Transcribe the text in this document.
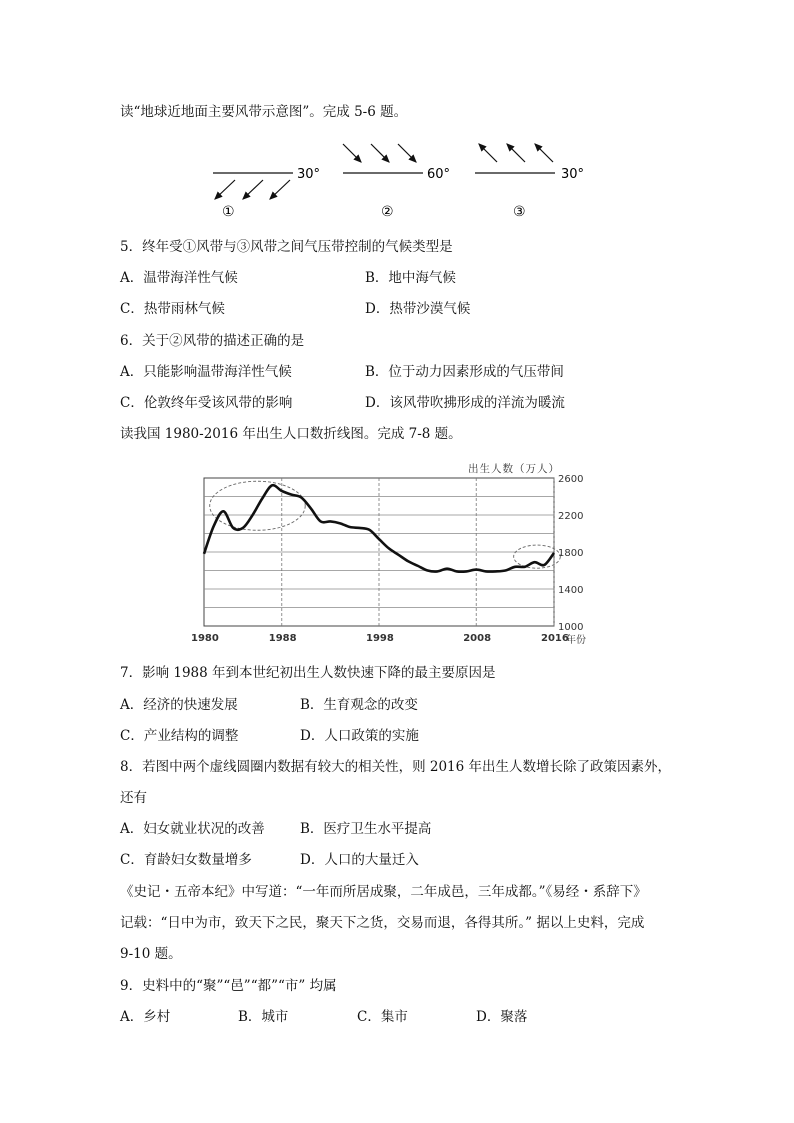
读“地球近地面主要风带示意图”。完成 5-6 题。
30°
①
60°
②
30°
③
5．终年受①风带与③风带之间气压带控制的气候类型是
A．温带海洋性气候	B．地中海气候
C．热带雨林气候	D．热带沙漠气候
6．关于②风带的描述正确的是
A．只能影响温带海洋性气候	B．位于动力因素形成的气压带间
C．伦敦终年受该风带的影响	D．该风带吹拂形成的洋流为暖流
读我国 1980-2016 年出生人口数折线图。完成 7-8 题。
出生人数（万人）
1000
1400
1800
2200
2600
1980	1988	1998	2008	2016
年份
7．影响 1988 年到本世纪初出生人数快速下降的最主要原因是
A．经济的快速发展	B．生育观念的改变
C．产业结构的调整	D．人口政策的实施
8．若图中两个虚线圆圈内数据有较大的相关性，则 2016 年出生人数增长除了政策因素外，
还有
A．妇女就业状况的改善	B．医疗卫生水平提高
C．育龄妇女数量增多	D．人口的大量迁入
《史记・五帝本纪》中写道：“一年而所居成聚，二年成邑，三年成都。”《易经・系辞下》
记载：“日中为市，致天下之民，聚天下之货，交易而退，各得其所。” 据以上史料，完成
9-10 题。
9．史料中的“聚”“邑”“都”“市” 均属
A．乡村	B．城市	C．集市	D．聚落
